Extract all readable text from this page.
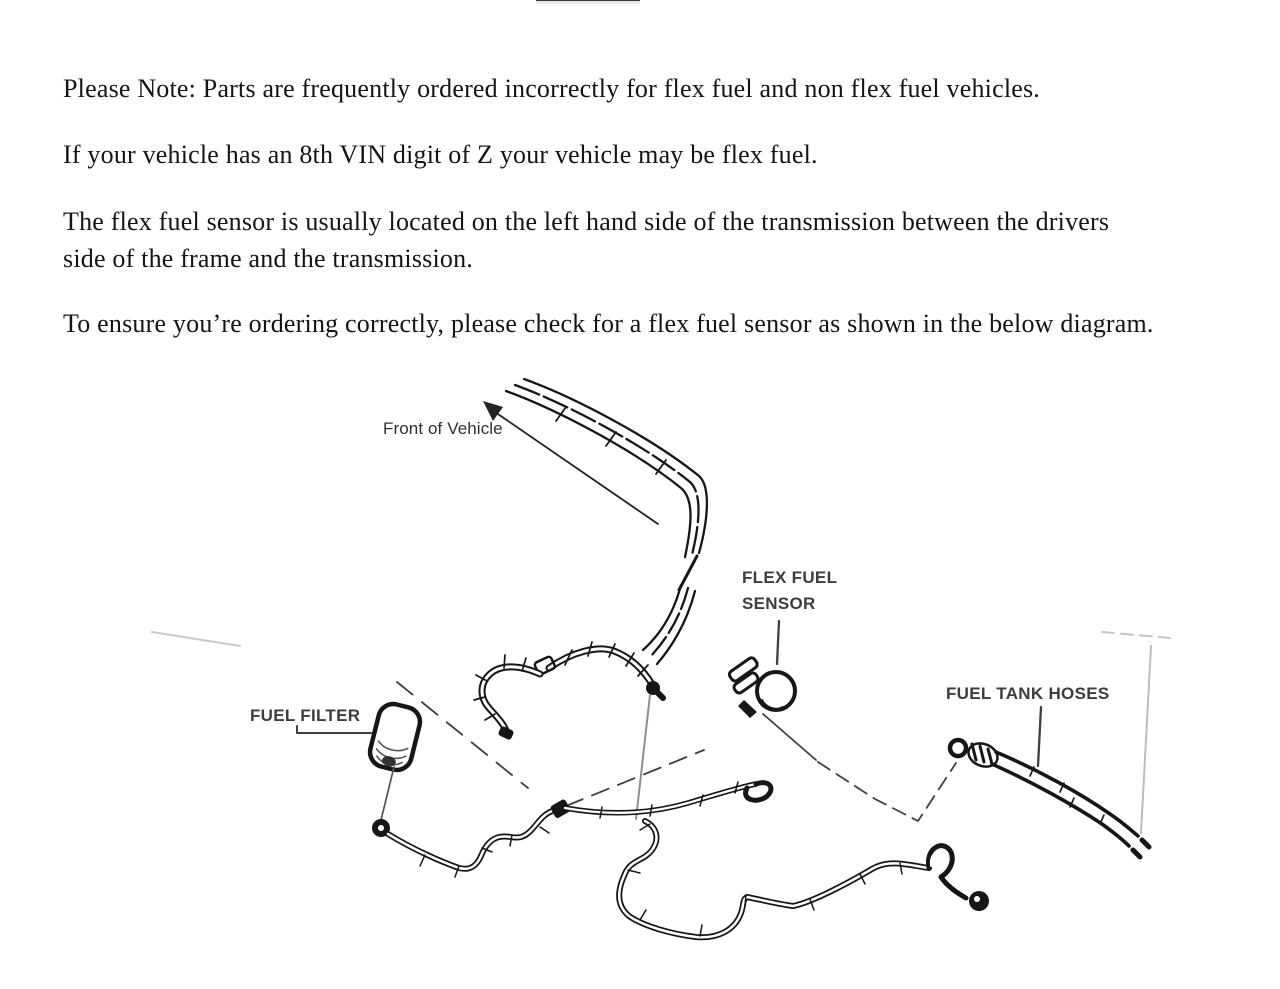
Please Note: Parts are frequently ordered incorrectly for flex fuel and non flex fuel vehicles.
If your vehicle has an 8th VIN digit of Z your vehicle may be flex fuel.
The flex fuel sensor is usually located on the left hand side of the transmission between the drivers
side of the frame and the transmission.
To ensure you’re ordering correctly, please check for a flex fuel sensor as shown in the below diagram.
Front of Vehicle
FLEX FUEL
SENSOR
FUEL TANK HOSES
FUEL FILTER
